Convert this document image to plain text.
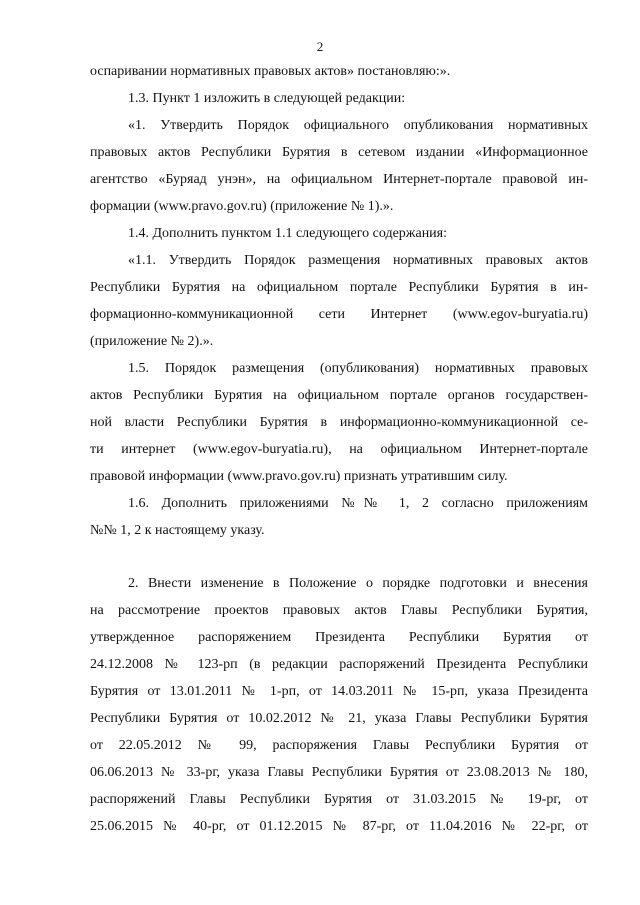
2

оспаривании нормативных правовых актов» постановляю:».

1.3. Пункт 1 изложить в следующей редакции:

«1. Утвердить Порядок официального опубликования нормативных

правовых актов Республики Бурятия в сетевом издании «Информационное

агентство «Буряад унэн», на официальном Интернет-портале правовой ин-

формации (www.pravo.gov.ru) (приложение № 1).».

1.4. Дополнить пунктом 1.1 следующего содержания:

«1.1. Утвердить Порядок размещения нормативных правовых актов

Республики Бурятия на официальном портале Республики Бурятия в ин-

формационно-коммуникационной сети Интернет (www.egov-buryatia.ru)

(приложение № 2).».

1.5. Порядок размещения (опубликования) нормативных правовых

актов Республики Бурятия на официальном портале органов государствен-

ной власти Республики Бурятия в информационно-коммуникационной се-

ти интернет (www.egov-buryatia.ru), на официальном Интернет-портале

правовой информации (www.pravo.gov.ru) признать утратившим силу.

1.6. Дополнить приложениями №№ 1, 2 согласно приложениям

№№ 1, 2 к настоящему указу.

2. Внести изменение в Положение о порядке подготовки и внесения

на рассмотрение проектов правовых актов Главы Республики Бурятия,

утвержденное распоряжением Президента Республики Бурятия от

24.12.2008 № 123-рп (в редакции распоряжений Президента Республики

Бурятия от 13.01.2011 № 1-рп, от 14.03.2011 № 15-рп, указа Президента

Республики Бурятия от 10.02.2012 № 21, указа Главы Республики Бурятия

от 22.05.2012 № 99, распоряжения Главы Республики Бурятия от

06.06.2013 № 33-рг, указа Главы Республики Бурятия от 23.08.2013 № 180,

распоряжений Главы Республики Бурятия от 31.03.2015 № 19-рг, от

25.06.2015 № 40-рг, от 01.12.2015 № 87-рг, от 11.04.2016 № 22-рг, от
